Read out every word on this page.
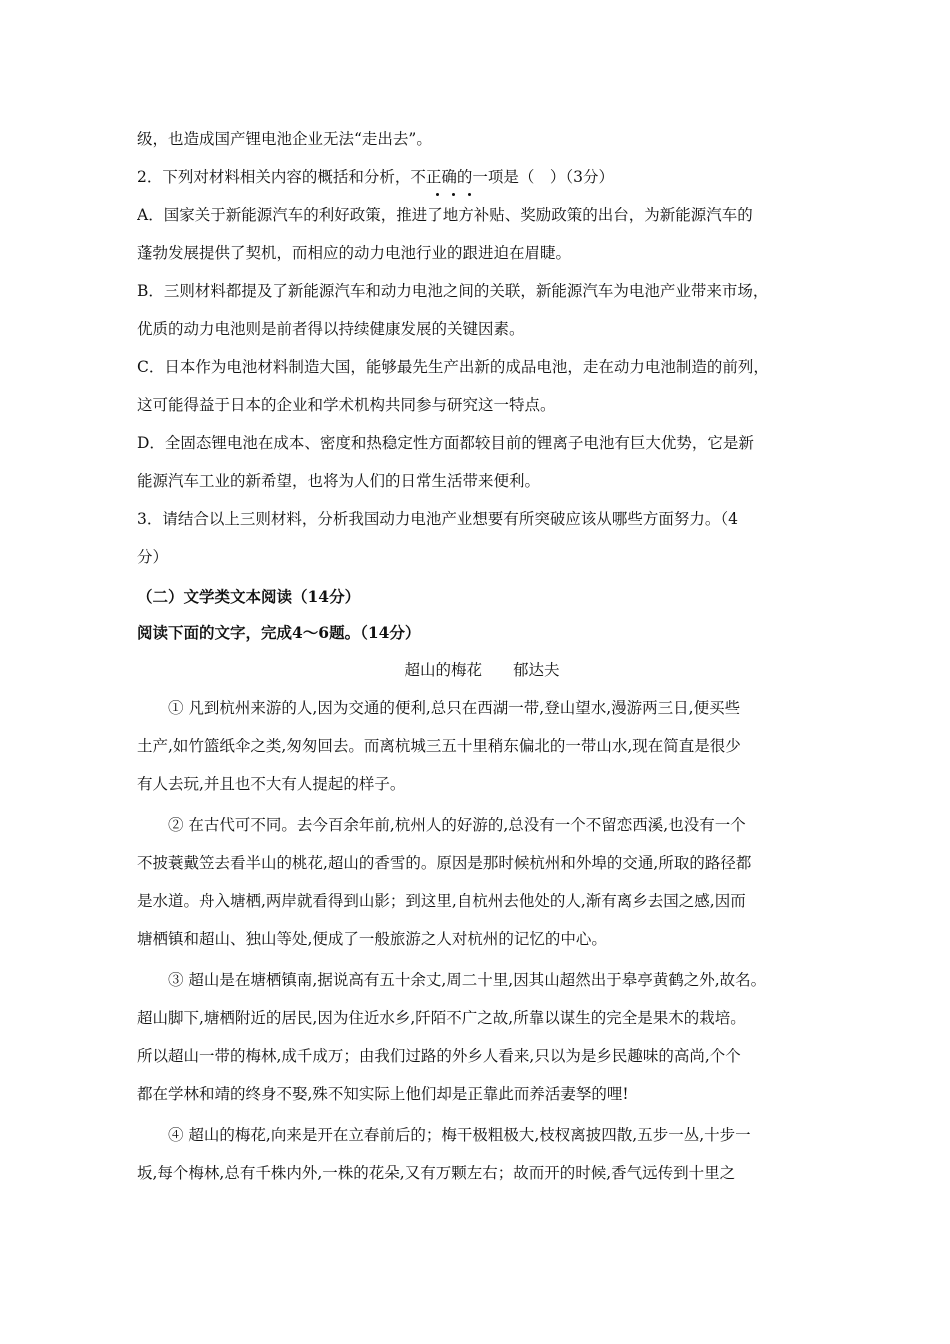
级，也造成国产锂电池企业无法“走出去”。
2．下列对材料相关内容的概括和分析，不正确的一项是（　）（3分）
A．国家关于新能源汽车的利好政策，推进了地方补贴、奖励政策的出台，为新能源汽车的
蓬勃发展提供了契机，而相应的动力电池行业的跟进迫在眉睫。
B．三则材料都提及了新能源汽车和动力电池之间的关联，新能源汽车为电池产业带来市场，
优质的动力电池则是前者得以持续健康发展的关键因素。
C．日本作为电池材料制造大国，能够最先生产出新的成品电池，走在动力电池制造的前列，
这可能得益于日本的企业和学术机构共同参与研究这一特点。
D．全固态锂电池在成本、密度和热稳定性方面都较目前的锂离子电池有巨大优势，它是新
能源汽车工业的新希望，也将为人们的日常生活带来便利。
3．请结合以上三则材料，分析我国动力电池产业想要有所突破应该从哪些方面努力。（4
分）
（二）文学类文本阅读（14分）
阅读下面的文字，完成4～6题。（14分）
超山的梅花　　郁达夫
① 凡到杭州来游的人,因为交通的便利,总只在西湖一带,登山望水,漫游两三日,便买些
土产,如竹篮纸伞之类,匆匆回去。而离杭城三五十里稍东偏北的一带山水,现在简直是很少
有人去玩,并且也不大有人提起的样子。
② 在古代可不同。去今百余年前,杭州人的好游的,总没有一个不留恋西溪,也没有一个
不披蓑戴笠去看半山的桃花,超山的香雪的。原因是那时候杭州和外埠的交通,所取的路径都
是水道。舟入塘栖,两岸就看得到山影；到这里,自杭州去他处的人,渐有离乡去国之感,因而
塘栖镇和超山、独山等处,便成了一般旅游之人对杭州的记忆的中心。
③ 超山是在塘栖镇南,据说高有五十余丈,周二十里,因其山超然出于皋亭黄鹤之外,故名。
超山脚下,塘栖附近的居民,因为住近水乡,阡陌不广之故,所靠以谋生的完全是果木的栽培。
所以超山一带的梅林,成千成万；由我们过路的外乡人看来,只以为是乡民趣味的高尚,个个
都在学林和靖的终身不娶,殊不知实际上他们却是正靠此而养活妻孥的哩!
④ 超山的梅花,向来是开在立春前后的；梅干极粗极大,枝杈离披四散,五步一丛,十步一
坂,每个梅林,总有千株内外,一株的花朵,又有万颗左右；故而开的时候,香气远传到十里之
